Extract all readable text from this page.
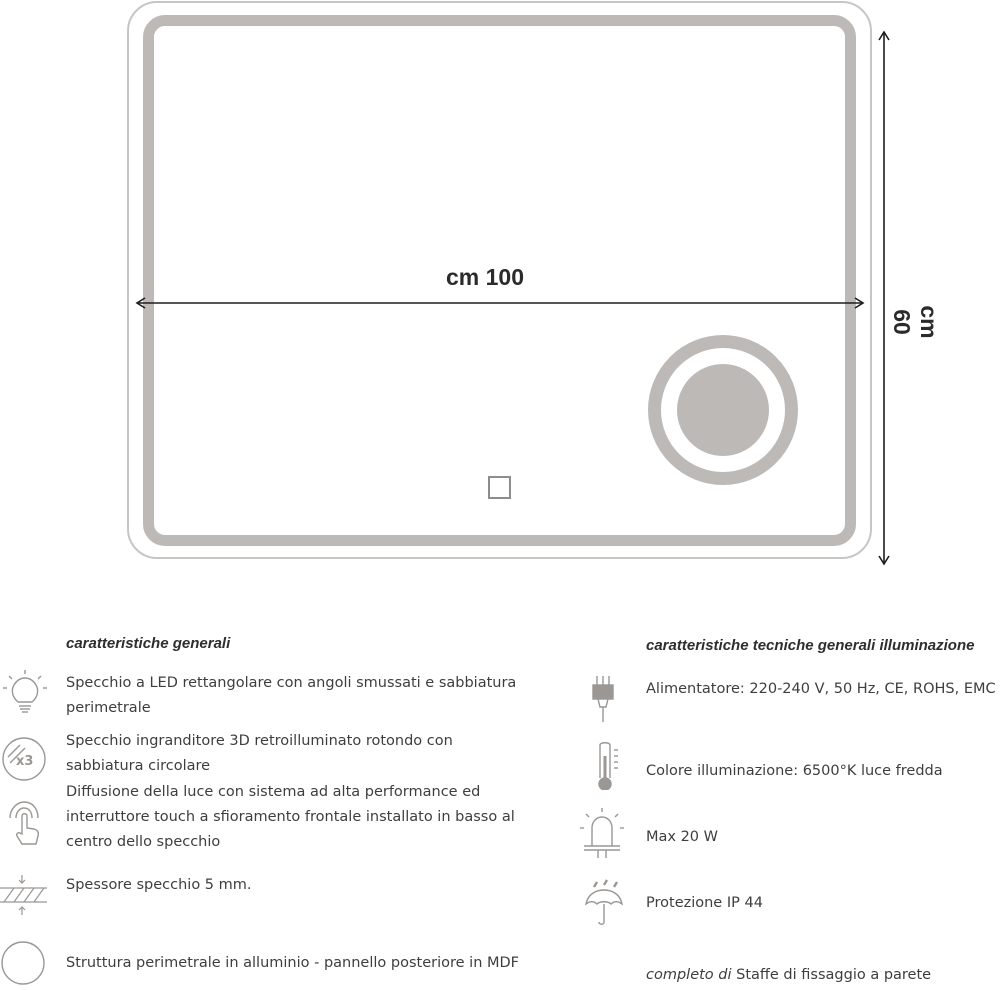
cm 100
cm 60
caratteristiche generali
Specchio a LED rettangolare con angoli smussati e sabbiatura perimetrale
x3
Specchio ingranditore 3D retroilluminato rotondo con sabbiatura circolare
Diffusione della luce con sistema ad alta performance ed interruttore touch a sfioramento frontale installato in basso al centro dello specchio
Spessore specchio 5 mm.
Struttura perimetrale in alluminio - pannello posteriore in MDF
caratteristiche tecniche generali illuminazione
Alimentatore: 220-240 V, 50 Hz, CE, ROHS, EMC
Colore illuminazione: 6500°K luce fredda
Max 20 W
Protezione IP 44
completo di Staffe di fissaggio a parete
